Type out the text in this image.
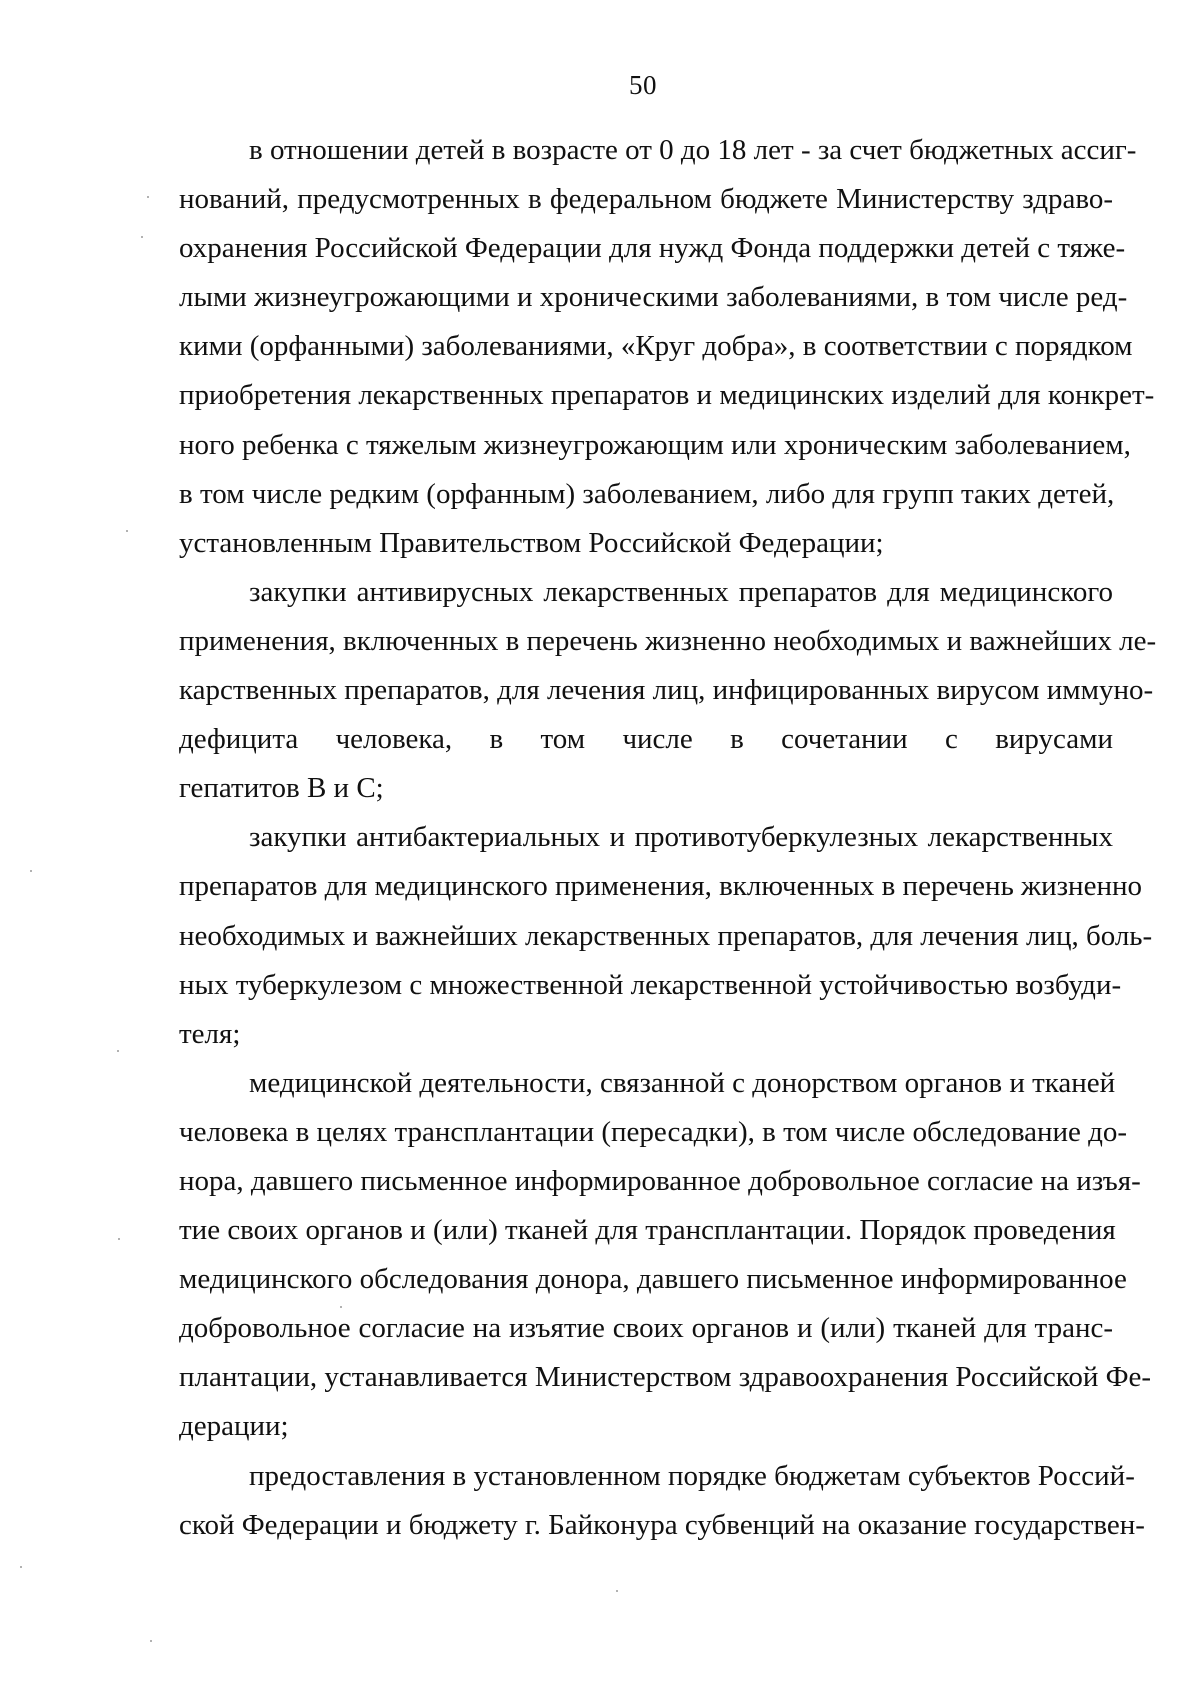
50
в отношении детей в возрасте от 0 до 18 лет - за счет бюджетных ассиг-
нований, предусмотренных в федеральном бюджете Министерству здраво-
охранения Российской Федерации для нужд Фонда поддержки детей с тяже-
лыми жизнеугрожающими и хроническими заболеваниями, в том числе ред-
кими (орфанными) заболеваниями, «Круг добра», в соответствии с порядком
приобретения лекарственных препаратов и медицинских изделий для конкрет-
ного ребенка с тяжелым жизнеугрожающим или хроническим заболеванием,
в том числе редким (орфанным) заболеванием, либо для групп таких детей,
установленным Правительством Российской Федерации;
закупки антивирусных лекарственных препаратов для медицинского
применения, включенных в перечень жизненно необходимых и важнейших ле-
карственных препаратов, для лечения лиц, инфицированных вирусом иммуно-
дефицита человека, в том числе в сочетании с вирусами
гепатитов В и С;
закупки антибактериальных и противотуберкулезных лекарственных
препаратов для медицинского применения, включенных в перечень жизненно
необходимых и важнейших лекарственных препаратов, для лечения лиц, боль-
ных туберкулезом с множественной лекарственной устойчивостью возбуди-
теля;
медицинской деятельности, связанной с донорством органов и тканей
человека в целях трансплантации (пересадки), в том числе обследование до-
нора, давшего письменное информированное добровольное согласие на изъя-
тие своих органов и (или) тканей для трансплантации. Порядок проведения
медицинского обследования донора, давшего письменное информированное
добровольное согласие на изъятие своих органов и (или) тканей для транс-
плантации, устанавливается Министерством здравоохранения Российской Фе-
дерации;
предоставления в установленном порядке бюджетам субъектов Россий-
ской Федерации и бюджету г. Байконура субвенций на оказание государствен-
